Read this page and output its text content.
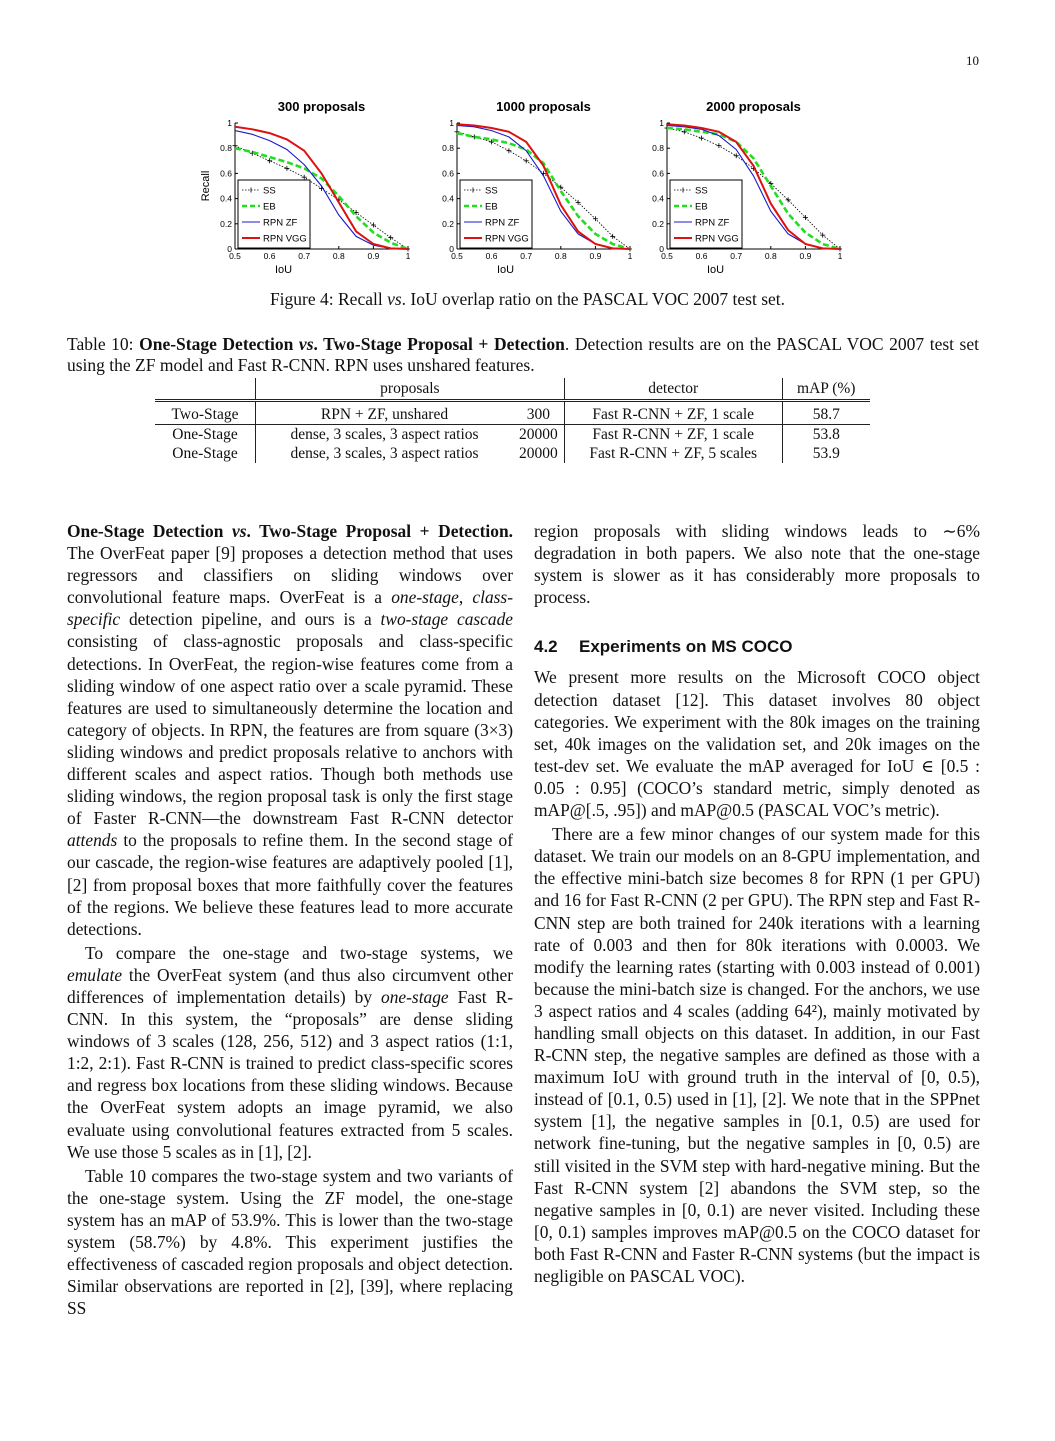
10
300 proposals
0
0.2
0.4
0.6
0.8
1
0.5	0.6	0.7	0.8	0.9	1
IoU
Recall	SS
EB
RPN ZF
RPN VGG
1000 proposals
0
0.2
0.4
0.6
0.8
1
0.5	0.6	0.7	0.8	0.9	1
IoU
SS
EB
RPN ZF
RPN VGG
2000 proposals
0
0.2
0.4
0.6
0.8
1
0.5	0.6	0.7	0.8	0.9	1
IoU
SS
EB
RPN ZF
RPN VGG
Figure 4: Recall vs. IoU overlap ratio on the PASCAL VOC 2007 test set.
Table 10: One-Stage Detection vs. Two-Stage Proposal + Detection. Detection results are on the PASCAL VOC 2007 test set using the ZF model and Fast R-CNN. RPN uses unshared features.
	proposals		detector	mAP (%)
Two-Stage	RPN + ZF, unshared	300	Fast R-CNN + ZF, 1 scale	58.7
One-Stage	dense, 3 scales, 3 aspect ratios	20000	Fast R-CNN + ZF, 1 scale	53.8
One-Stage	dense, 3 scales, 3 aspect ratios	20000	Fast R-CNN + ZF, 5 scales	53.9

One-Stage Detection vs. Two-Stage Proposal + Detection. The OverFeat paper [9] proposes a detection method that uses regressors and classifiers on sliding windows over convolutional feature maps. OverFeat is a one-stage, class-specific detection pipeline, and ours is a two-stage cascade consisting of class-agnostic proposals and class-specific detections. In OverFeat, the region-wise features come from a sliding window of one aspect ratio over a scale pyramid. These features are used to simultaneously determine the location and category of objects. In RPN, the features are from square (3×3) sliding windows and predict proposals relative to anchors with different scales and aspect ratios. Though both methods use sliding windows, the region proposal task is only the first stage of Faster R-CNN—the downstream Fast R-CNN detector attends to the proposals to refine them. In the second stage of our cascade, the region-wise features are adaptively pooled [1], [2] from proposal boxes that more faithfully cover the features of the regions. We believe these features lead to more accurate detections.

To compare the one-stage and two-stage systems, we emulate the OverFeat system (and thus also circumvent other differences of implementation details) by one-stage Fast R-CNN. In this system, the “proposals” are dense sliding windows of 3 scales (128, 256, 512) and 3 aspect ratios (1:1, 1:2, 2:1). Fast R-CNN is trained to predict class-specific scores and regress box locations from these sliding windows. Because the OverFeat system adopts an image pyramid, we also evaluate using convolutional features extracted from 5 scales. We use those 5 scales as in [1], [2].

Table 10 compares the two-stage system and two variants of the one-stage system. Using the ZF model, the one-stage system has an mAP of 53.9%. This is lower than the two-stage system (58.7%) by 4.8%. This experiment justifies the effectiveness of cascaded region proposals and object detection. Similar observations are reported in [2], [39], where replacing SS

region proposals with sliding windows leads to ∼6% degradation in both papers. We also note that the one-stage system is slower as it has considerably more proposals to process.

4.2 Experiments on MS COCO

We present more results on the Microsoft COCO object detection dataset [12]. This dataset involves 80 object categories. We experiment with the 80k images on the training set, 40k images on the validation set, and 20k images on the test-dev set. We evaluate the mAP averaged for IoU ∈ [0.5 : 0.05 : 0.95] (COCO’s standard metric, simply denoted as mAP@[.5, .95]) and mAP@0.5 (PASCAL VOC’s metric).

There are a few minor changes of our system made for this dataset. We train our models on an 8-GPU implementation, and the effective mini-batch size becomes 8 for RPN (1 per GPU) and 16 for Fast R-CNN (2 per GPU). The RPN step and Fast R-CNN step are both trained for 240k iterations with a learning rate of 0.003 and then for 80k iterations with 0.0003. We modify the learning rates (starting with 0.003 instead of 0.001) because the mini-batch size is changed. For the anchors, we use 3 aspect ratios and 4 scales (adding 64²), mainly motivated by handling small objects on this dataset. In addition, in our Fast R-CNN step, the negative samples are defined as those with a maximum IoU with ground truth in the interval of [0, 0.5), instead of [0.1, 0.5) used in [1], [2]. We note that in the SPPnet system [1], the negative samples in [0.1, 0.5) are used for network fine-tuning, but the negative samples in [0, 0.5) are still visited in the SVM step with hard-negative mining. But the Fast R-CNN system [2] abandons the SVM step, so the negative samples in [0, 0.1) are never visited. Including these [0, 0.1) samples improves mAP@0.5 on the COCO dataset for both Fast R-CNN and Faster R-CNN systems (but the impact is negligible on PASCAL VOC).
